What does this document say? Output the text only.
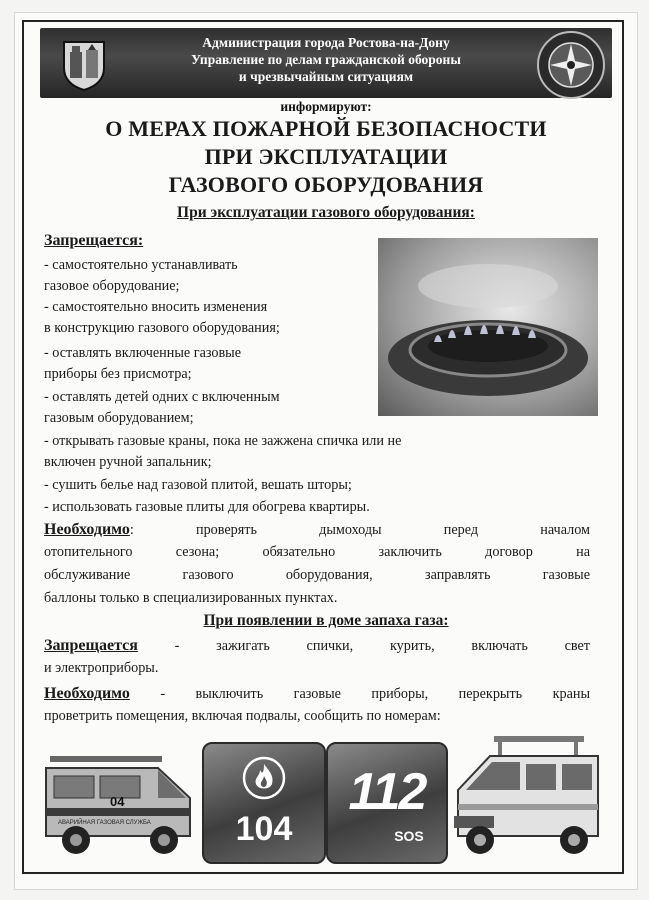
Администрация города Ростова-на-Дону
Управление по делам гражданской обороны
и чрезвычайным ситуациям
информируют:
О МЕРАХ ПОЖАРНОЙ БЕЗОПАСНОСТИ
ПРИ ЭКСПЛУАТАЦИИ
ГАЗОВОГО ОБОРУДОВАНИЯ
При эксплуатации газового оборудования:
Запрещается:
- самостоятельно устанавливать
газовое оборудование;
- самостоятельно вносить изменения
в конструкцию газового оборудования;
- оставлять включенные газовые
приборы без присмотра;
- оставлять детей одних с включенным
газовым оборудованием;
- открывать газовые краны, пока не зажжена спичка или не
включен ручной запальник;
- сушить белье над газовой плитой, вешать шторы;
- использовать газовые плиты для обогрева квартиры.
Необходимо: проверять дымоходы перед началом
отопительного сезона; обязательно заключить договор на
обслуживание газового оборудования, заправлять газовые
баллоны только в специализированных пунктах.
При появлении в доме запаха газа:
Запрещается - зажигать спички, курить, включать свет
и электроприборы.
Необходимо - выключить газовые приборы, перекрыть краны
проветрить помещения, включая подвалы, сообщить по номерам:
АВАРИЙНАЯ ГАЗОВАЯ СЛУЖБА
04
104
112
SOS
